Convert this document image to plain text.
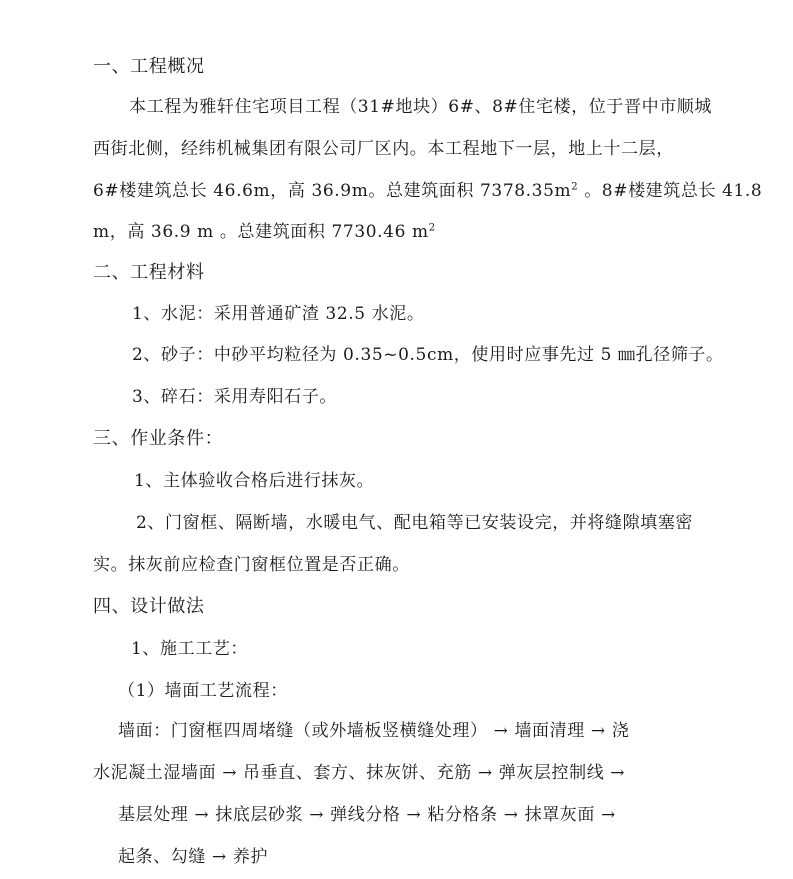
一、工程概况
本工程为雅轩住宅项目工程（31#地块）6#、8#住宅楼，位于晋中市顺城
西街北侧，经纬机械集团有限公司厂区内。本工程地下一层，地上十二层，
6#楼建筑总长 46.6m，高 36.9m。总建筑面积 $7378.35m^2$ 。8#楼建筑总长 41.8
m，高 36.9 m 。总建筑面积 7730.46 $m^2$
二、工程材料
1、水泥：采用普通矿渣 32.5 水泥。
2、砂子：中砂平均粒径为 0.35~0.5cm，使用时应事先过 5 ㎜孔径筛子。
3、碎石：采用寿阳石子。
三、作业条件：
1、主体验收合格后进行抹灰。
2、门窗框、隔断墙，水暖电气、配电箱等已安装设完，并将缝隙填塞密
实。抹灰前应检查门窗框位置是否正确。
四、设计做法
1、施工工艺：
（1）墙面工艺流程：
墙面：门窗框四周堵缝（或外墙板竖横缝处理） → 墙面清理 → 浇
水泥凝土湿墙面 → 吊垂直、套方、抹灰饼、充筋 → 弹灰层控制线 →
基层处理 → 抹底层砂浆 → 弹线分格 → 粘分格条 → 抹罩灰面 →
起条、勾缝 → 养护
